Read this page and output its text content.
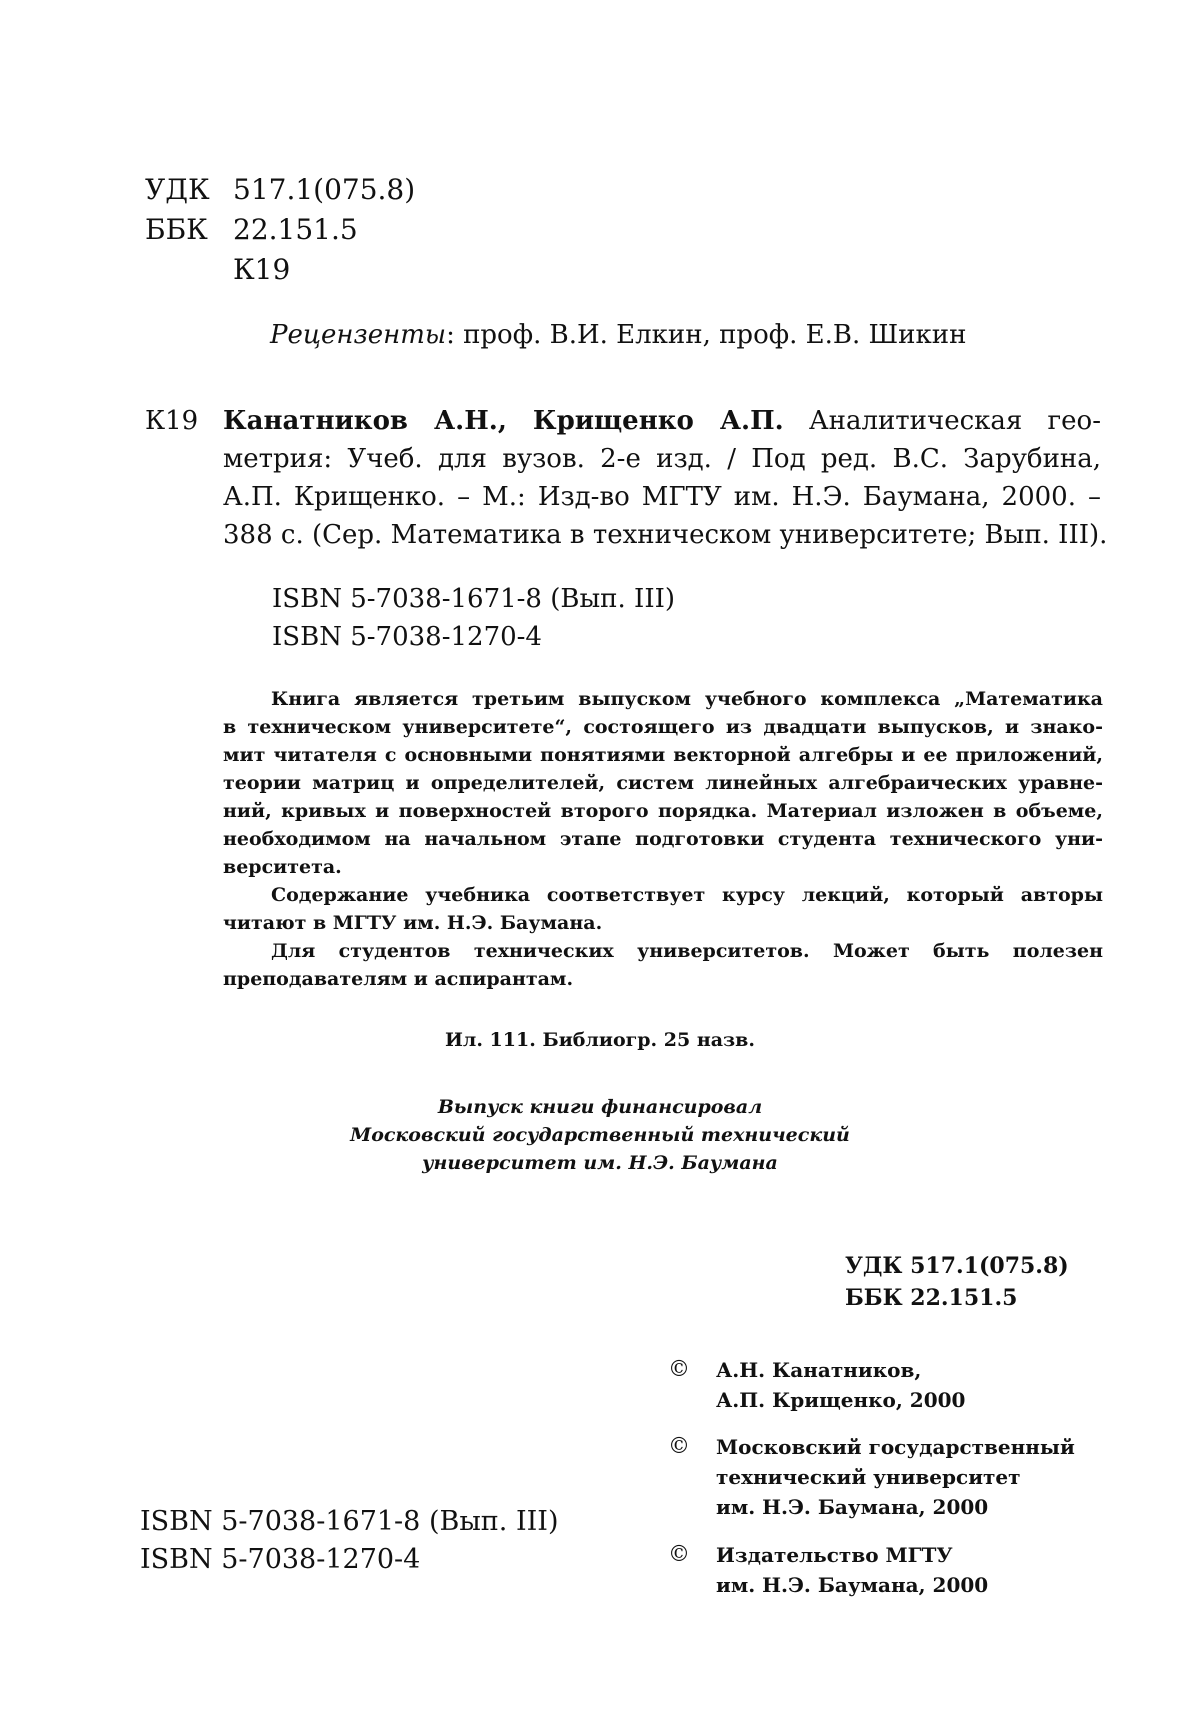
УДК 517.1(075.8)
ББК 22.151.5
К19
Рецензенты: проф. В.И. Елкин, проф. Е.В. Шикин
К19 Канатников А.Н., Крищенко А.П. Аналитическая гео-
метрия: Учеб. для вузов. 2-е изд. / Под ред. В.С. Зарубина,
А.П. Крищенко. – М.: Изд-во МГТУ им. Н.Э. Баумана, 2000. –
388 с. (Сер. Математика в техническом университете; Вып. III).
ISBN 5-7038-1671-8 (Вып. III)
ISBN 5-7038-1270-4

Книга является третьим выпуском учебного комплекса „Математика
в техническом университете“, состоящего из двадцати выпусков, и знако-
мит читателя с основными понятиями векторной алгебры и ее приложений,
теории матриц и определителей, систем линейных алгебраических уравне-
ний, кривых и поверхностей второго порядка. Материал изложен в объеме,
необходимом на начальном этапе подготовки студента технического уни-
верситета.

Содержание учебника соответствует курсу лекций, который авторы
читают в МГТУ им. Н.Э. Баумана.

Для студентов технических университетов. Может быть полезен
преподавателям и аспирантам.

Ил. 111. Библиогр. 25 назв.
Выпуск книги финансировал
Московский государственный технический
университет им. Н.Э. Баумана
УДК 517.1(075.8)
ББК 22.151.5
© А.Н. Канатников,
А.П. Крищенко, 2000
© Московский государственный
технический университет
им. Н.Э. Баумана, 2000
© Издательство МГТУ
им. Н.Э. Баумана, 2000
ISBN 5-7038-1671-8 (Вып. III)
ISBN 5-7038-1270-4
